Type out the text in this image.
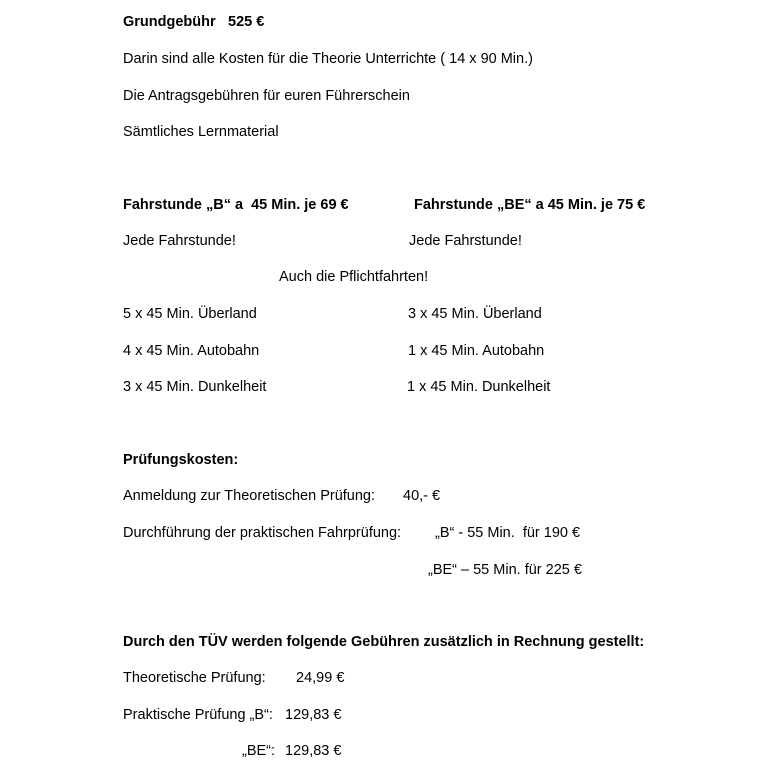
Grundgebühr 525 €
Darin sind alle Kosten für die Theorie Unterrichte ( 14 x 90 Min.)
Die Antragsgebühren für euren Führerschein
Sämtliches Lernmaterial
Fahrstunde „B“ a  45 Min. je 69 €	Fahrstunde „BE“ a 45 Min. je 75 €
Jede Fahrstunde!	Jede Fahrstunde!
Auch die Pflichtfahrten!
5 x 45 Min. Überland	3 x 45 Min. Überland
4 x 45 Min. Autobahn	1 x 45 Min. Autobahn
3 x 45 Min. Dunkelheit	1 x 45 Min. Dunkelheit
Prüfungskosten:
Anmeldung zur Theoretischen Prüfung: 40,- €
Durchführung der praktischen Fahrprüfung: „B“ - 55 Min.  für 190 €
„BE“ – 55 Min. für 225 €
Durch den TÜV werden folgende Gebühren zusätzlich in Rechnung gestellt:
Theoretische Prüfung: 24,99 €
Praktische Prüfung „B“: 129,83 €
„BE“: 129,83 €
